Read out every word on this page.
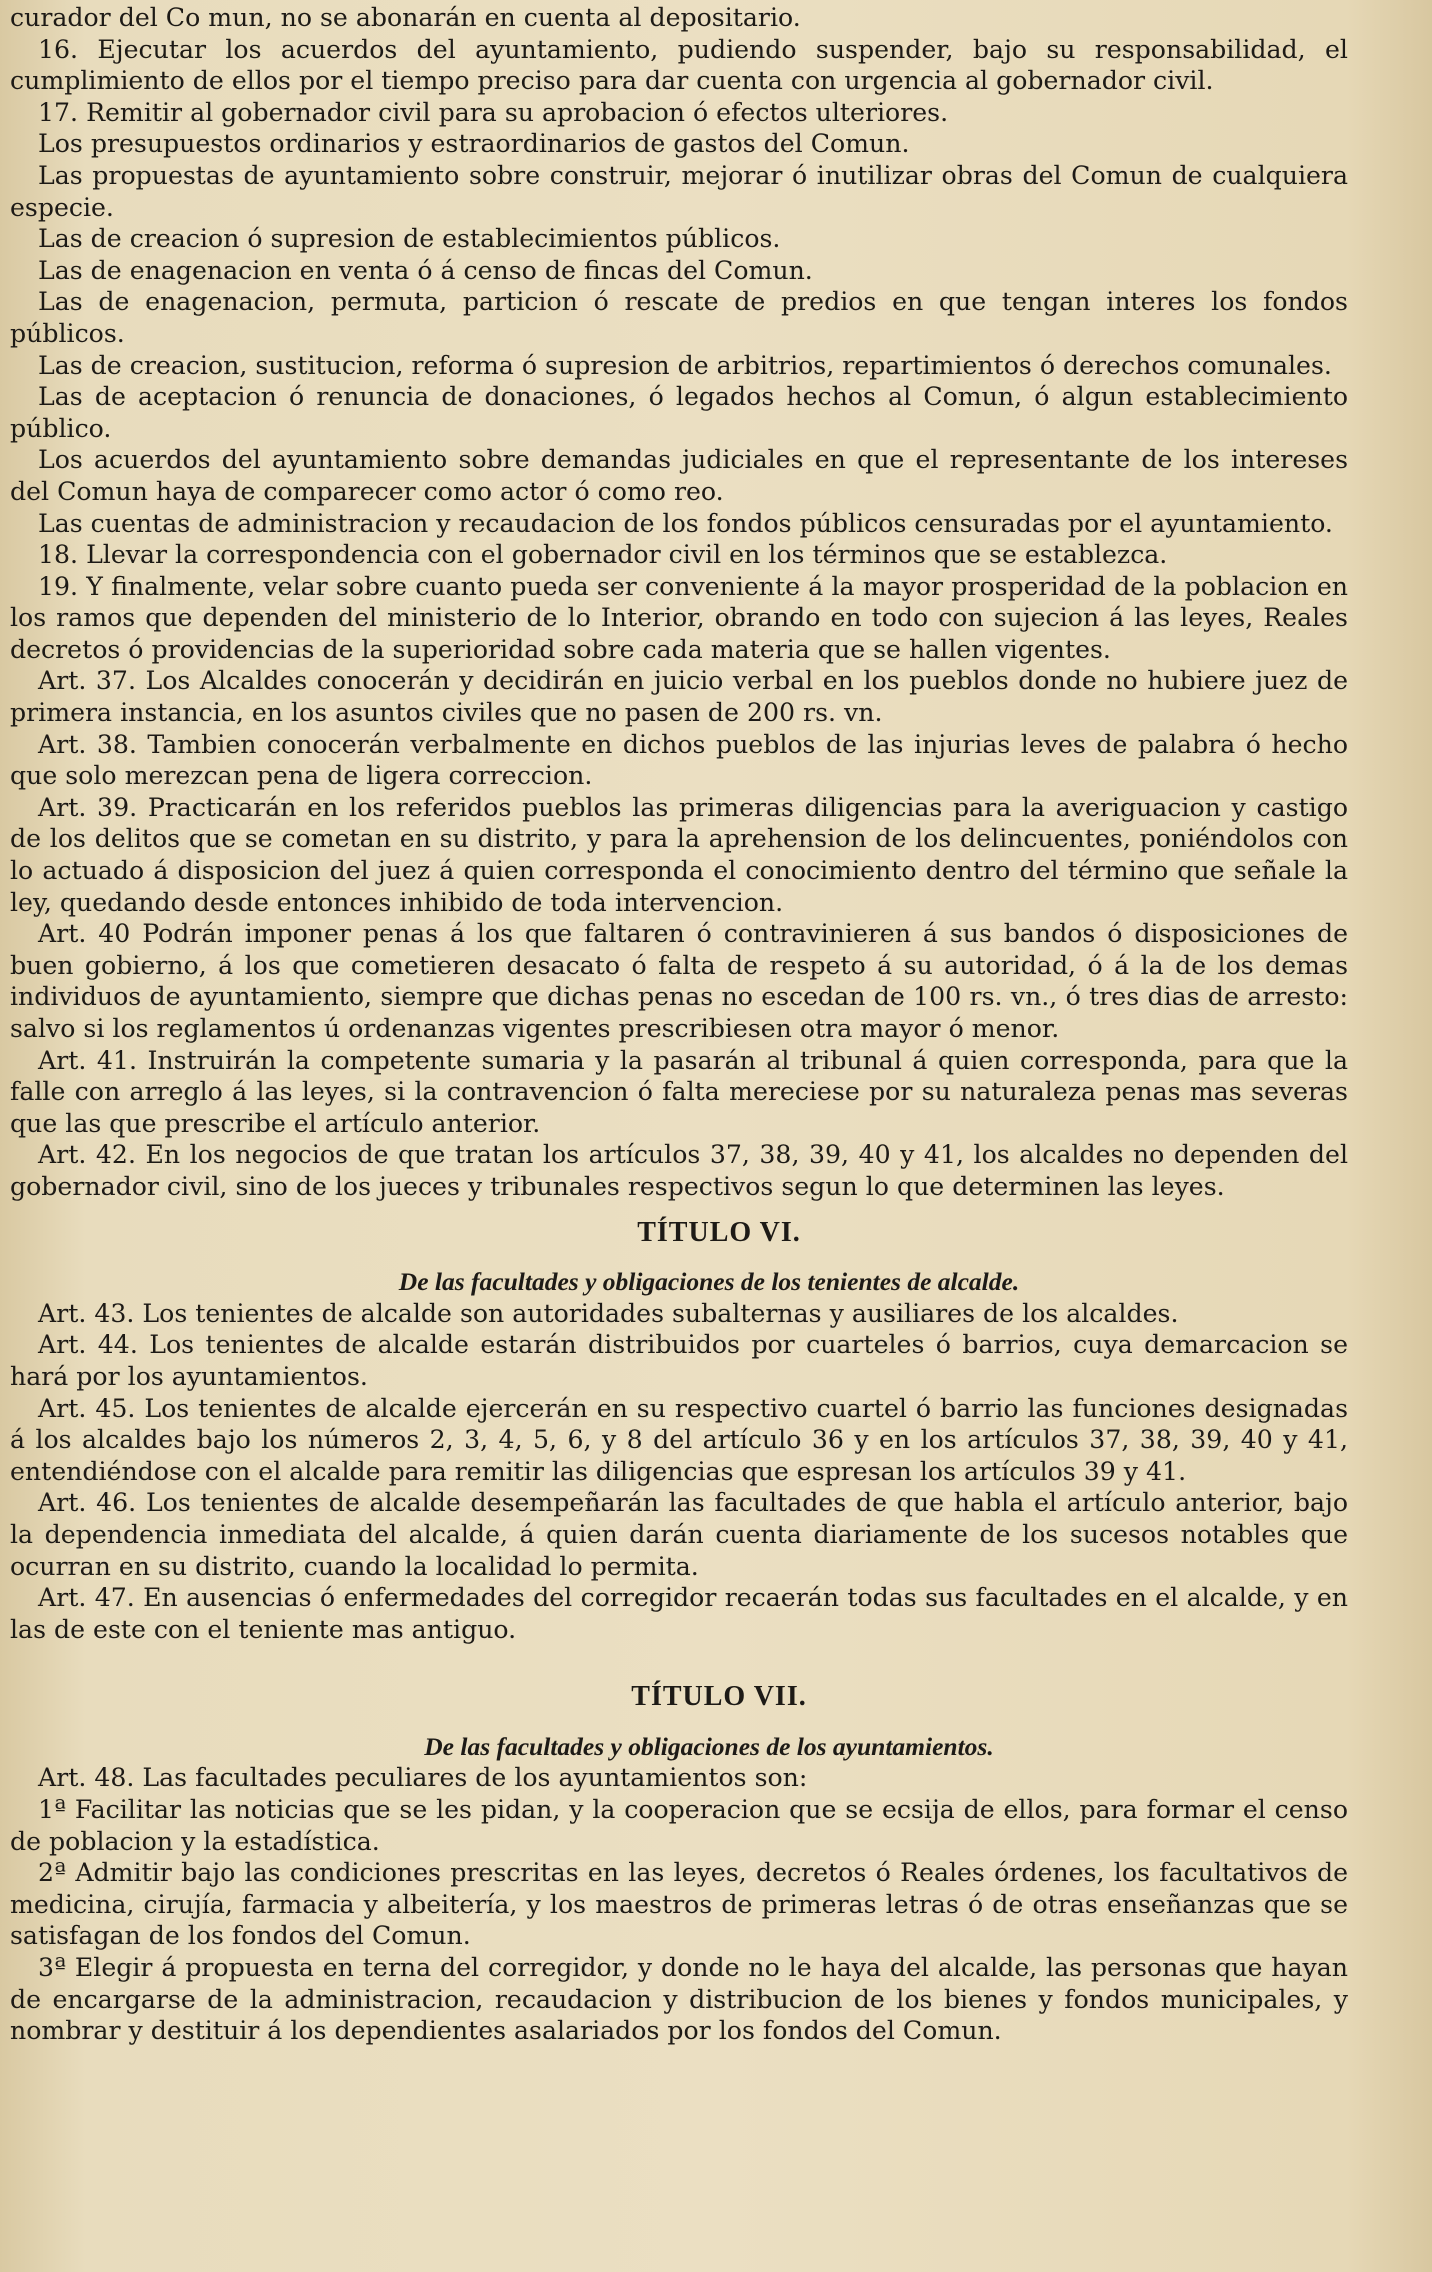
curador del Co mun, no se abonarán en cuenta al depositario.

16. Ejecutar los acuerdos del ayuntamiento, pudiendo suspender, bajo su responsabilidad, el cumplimiento de ellos por el tiempo preciso para dar cuenta con urgencia al gobernador civil.

17. Remitir al gobernador civil para su aprobacion ó efectos ulteriores.

Los presupuestos ordinarios y estraordinarios de gastos del Comun.

Las propuestas de ayuntamiento sobre construir, mejorar ó inutilizar obras del Comun de cualquiera especie.

Las de creacion ó supresion de establecimientos públicos.

Las de enagenacion en venta ó á censo de fincas del Comun.

Las de enagenacion, permuta, particion ó rescate de predios en que tengan interes los fondos públicos.

Las de creacion, sustitucion, reforma ó supresion de arbitrios, repartimientos ó derechos comunales.

Las de aceptacion ó renuncia de donaciones, ó legados hechos al Comun, ó algun establecimiento público.

Los acuerdos del ayuntamiento sobre demandas judiciales en que el representante de los intereses del Comun haya de comparecer como actor ó como reo.

Las cuentas de administracion y recaudacion de los fondos públicos censuradas por el ayuntamiento.

18. Llevar la correspondencia con el gobernador civil en los términos que se establezca.

19. Y finalmente, velar sobre cuanto pueda ser conveniente á la mayor prosperidad de la poblacion en los ramos que dependen del ministerio de lo Interior, obrando en todo con sujecion á las leyes, Reales decretos ó providencias de la superioridad sobre cada materia que se hallen vigentes.

Art. 37. Los Alcaldes conocerán y decidirán en juicio verbal en los pueblos donde no hubiere juez de primera instancia, en los asuntos civiles que no pasen de 200 rs. vn.

Art. 38. Tambien conocerán verbalmente en dichos pueblos de las injurias leves de palabra ó hecho que solo merezcan pena de ligera correccion.

Art. 39. Practicarán en los referidos pueblos las primeras diligencias para la averiguacion y castigo de los delitos que se cometan en su distrito, y para la aprehension de los delincuentes, poniéndolos con lo actuado á disposicion del juez á quien corresponda el conocimiento dentro del término que señale la ley, quedando desde entonces inhibido de toda intervencion.

Art. 40 Podrán imponer penas á los que faltaren ó contravinieren á sus bandos ó disposiciones de buen gobierno, á los que cometieren desacato ó falta de respeto á su autoridad, ó á la de los demas individuos de ayuntamiento, siempre que dichas penas no escedan de 100 rs. vn., ó tres dias de arresto: salvo si los reglamentos ú ordenanzas vigentes prescribiesen otra mayor ó menor.

Art. 41. Instruirán la competente sumaria y la pasarán al tribunal á quien corresponda, para que la falle con arreglo á las leyes, si la contravencion ó falta mereciese por su naturaleza penas mas severas que las que prescribe el artículo anterior.

Art. 42. En los negocios de que tratan los artículos 37, 38, 39, 40 y 41, los alcaldes no dependen del gobernador civil, sino de los jueces y tribunales respectivos segun lo que determinen las leyes.

TÍTULO VI.

De las facultades y obligaciones de los tenientes de alcalde.

Art. 43. Los tenientes de alcalde son autoridades subalternas y ausiliares de los alcaldes.

Art. 44. Los tenientes de alcalde estarán distribuidos por cuarteles ó barrios, cuya demarcacion se hará por los ayuntamientos.

Art. 45. Los tenientes de alcalde ejercerán en su respectivo cuartel ó barrio las funciones designadas á los alcaldes bajo los números 2, 3, 4, 5, 6, y 8 del artículo 36 y en los artículos 37, 38, 39, 40 y 41, entendiéndose con el alcalde para remitir las diligencias que espresan los artículos 39 y 41.

Art. 46. Los tenientes de alcalde desempeñarán las facultades de que habla el artículo anterior, bajo la dependencia inmediata del alcalde, á quien darán cuenta diariamente de los sucesos notables que ocurran en su distrito, cuando la localidad lo permita.

Art. 47. En ausencias ó enfermedades del corregidor recaerán todas sus facultades en el alcalde, y en las de este con el teniente mas antiguo.

TÍTULO VII.

De las facultades y obligaciones de los ayuntamientos.

Art. 48. Las facultades peculiares de los ayuntamientos son:

1ª Facilitar las noticias que se les pidan, y la cooperacion que se ecsija de ellos, para formar el censo de poblacion y la estadística.

2ª Admitir bajo las condiciones prescritas en las leyes, decretos ó Reales órdenes, los facultativos de medicina, cirujía, farmacia y albeitería, y los maestros de primeras letras ó de otras enseñanzas que se satisfagan de los fondos del Comun.

3ª Elegir á propuesta en terna del corregidor, y donde no le haya del alcalde, las personas que hayan de encargarse de la administracion, recaudacion y distribucion de los bienes y fondos municipales, y nombrar y destituir á los dependientes asalariados por los fondos del Comun.
